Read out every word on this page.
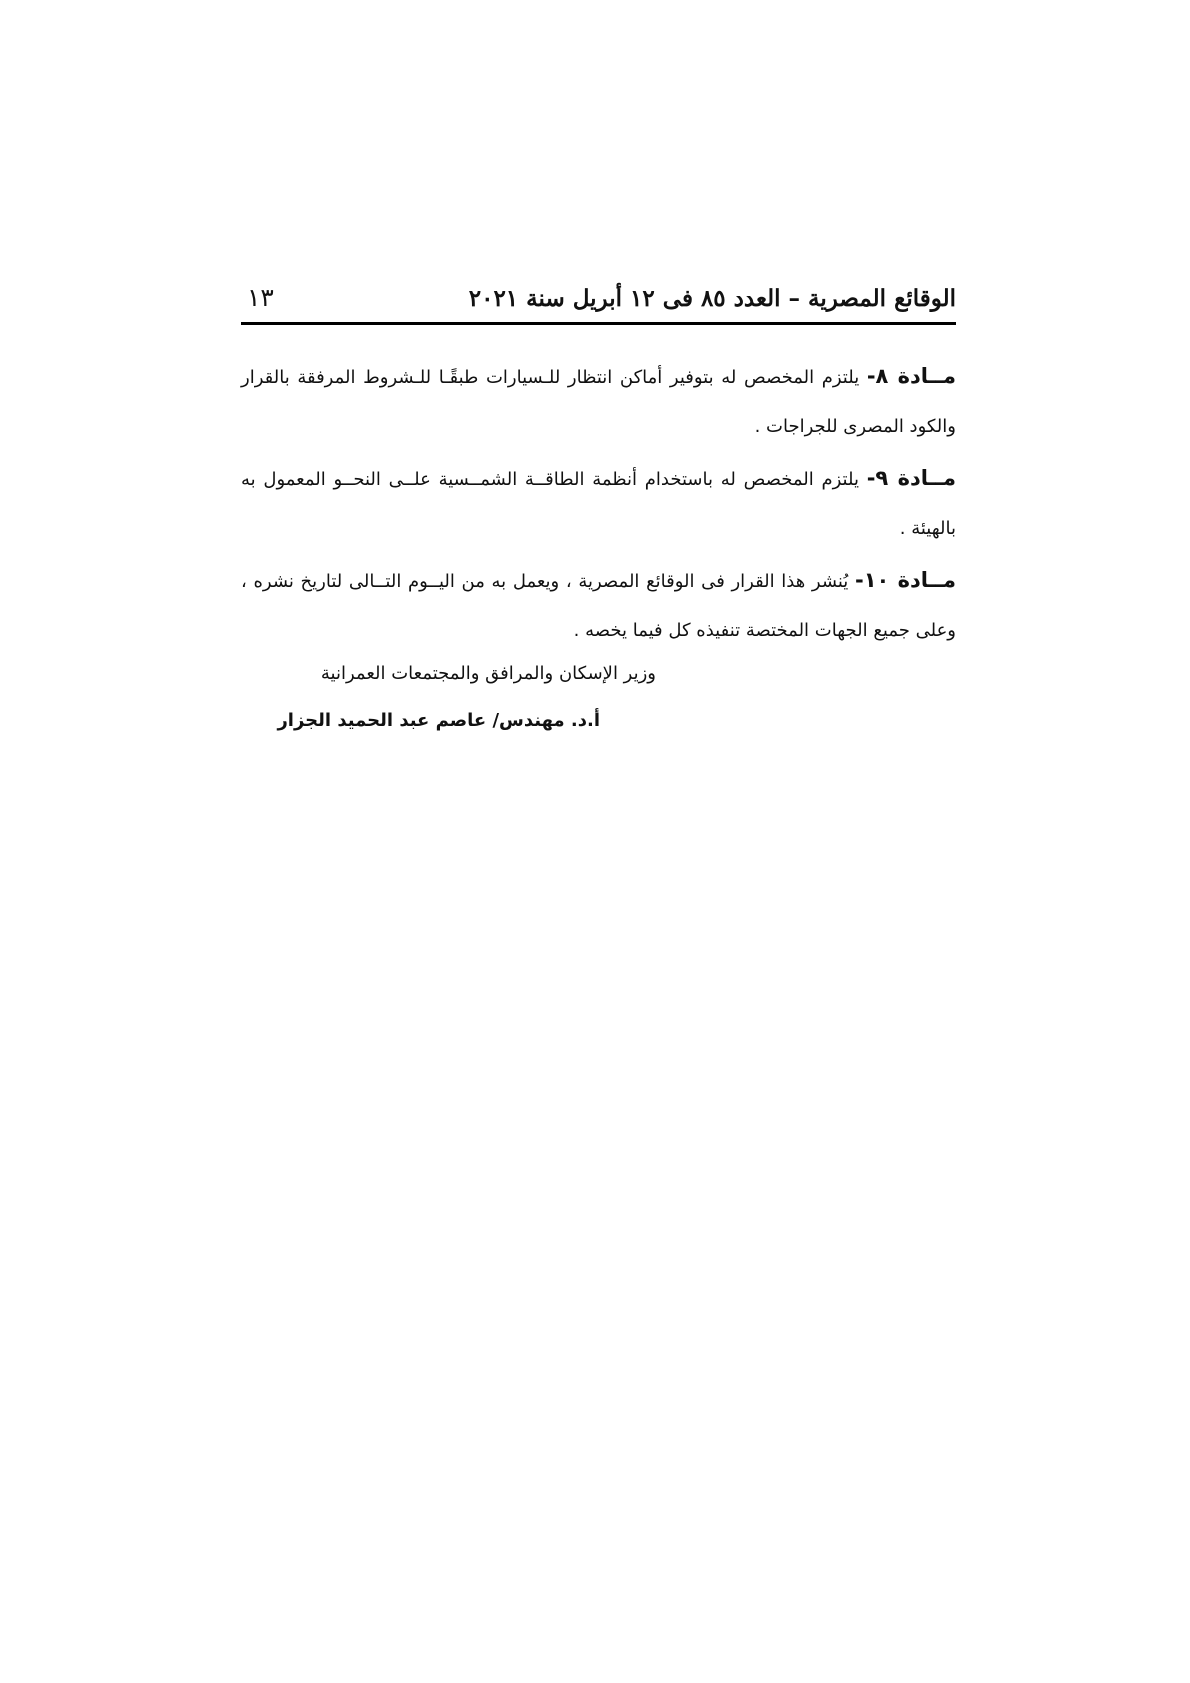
الوقائع المصرية – العدد ٨٥ فى ١٢ أبريل سنة ٢٠٢١
١٣

مــادة ٨- يلتزم المخصص له بتوفير أماكن انتظار للـسيارات طبقًـا للـشروط المرفقة بالقرار والكود المصرى للجراجات .

مــادة ٩- يلتزم المخصص له باستخدام أنظمة الطاقــة الشمــسية علــى النحــو المعمول به بالهيئة .

مــادة ١٠- يُنشر هذا القرار فى الوقائع المصرية ، ويعمل به من اليــوم التــالى لتاريخ نشره ، وعلى جميع الجهات المختصة تنفيذه كل فيما يخصه .

وزير الإسكان والمرافق والمجتمعات العمرانية
أ.د. مهندس/ عاصم عبد الحميد الجزار
